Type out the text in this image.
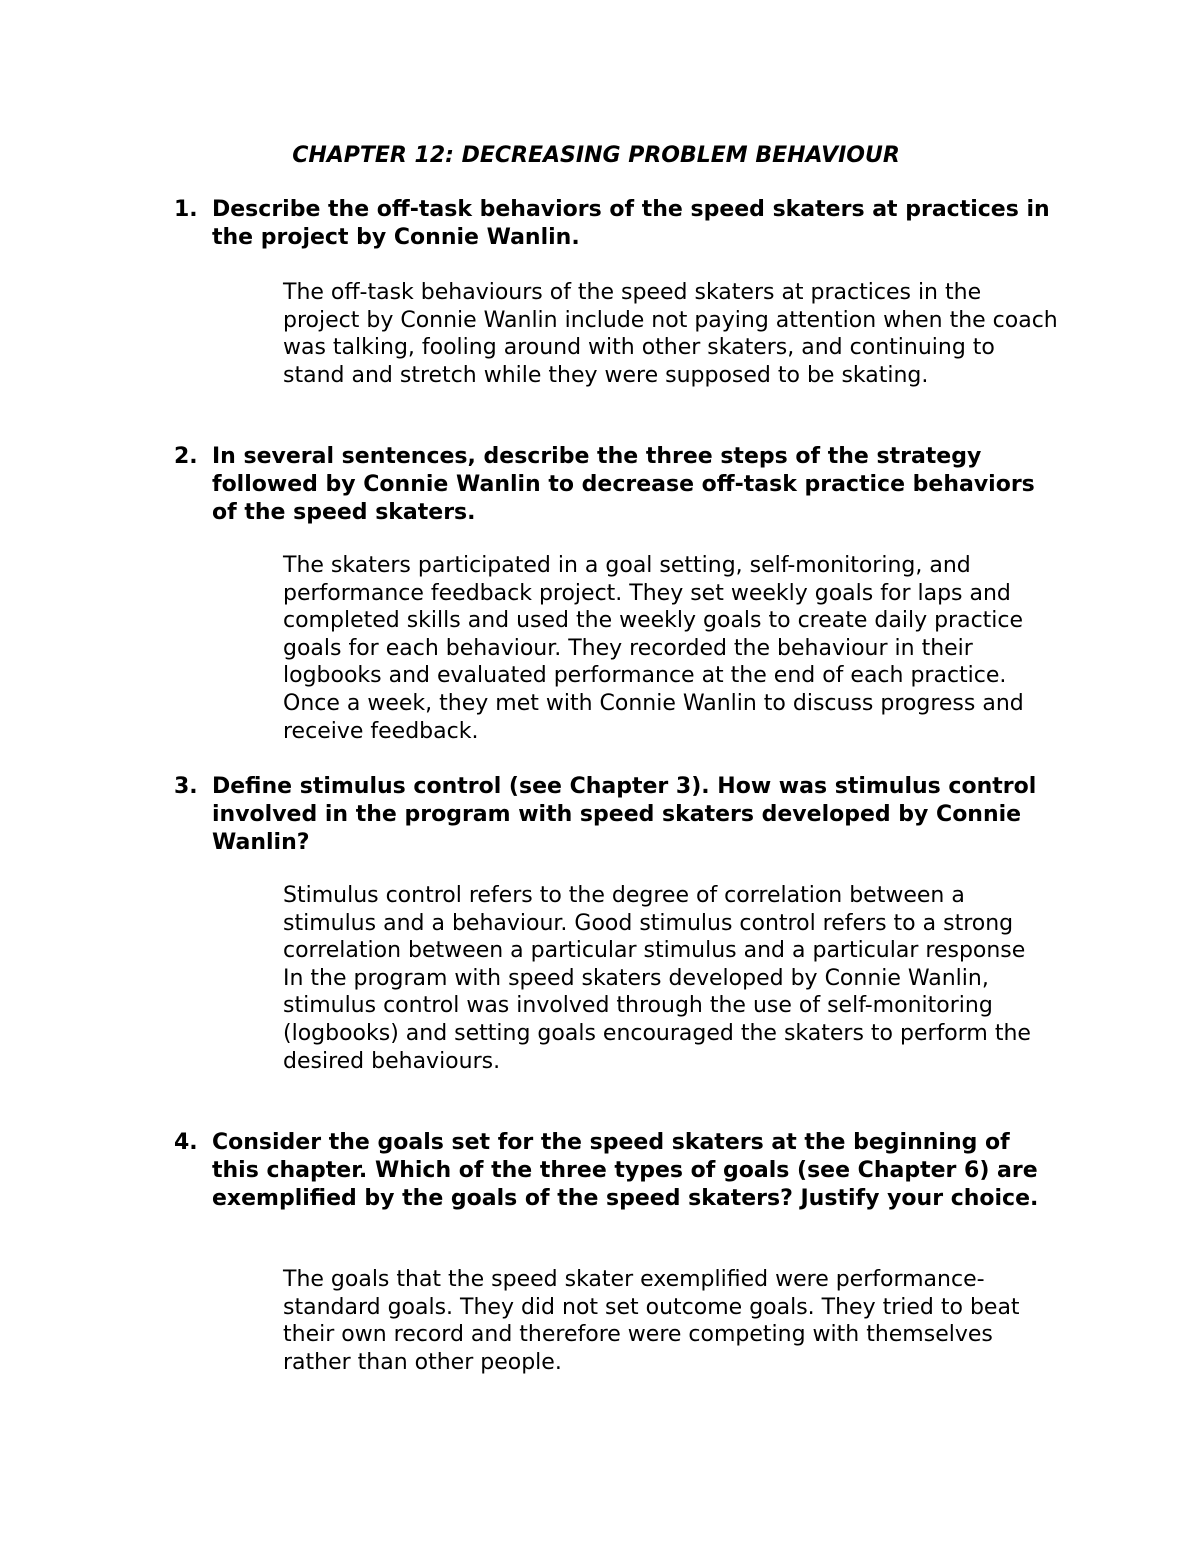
CHAPTER 12: DECREASING PROBLEM BEHAVIOUR
1. Describe the off-task behaviors of the speed skaters at practices in the project by Connie Wanlin.

The off-task behaviours of the speed skaters at practices in the project by Connie Wanlin include not paying attention when the coach was talking, fooling around with other skaters, and continuing to stand and stretch while they were supposed to be skating.

2. In several sentences, describe the three steps of the strategy followed by Connie Wanlin to decrease off-task practice behaviors of the speed skaters.

The skaters participated in a goal setting, self-monitoring, and performance feedback project. They set weekly goals for laps and completed skills and used the weekly goals to create daily practice goals for each behaviour. They recorded the behaviour in their logbooks and evaluated performance at the end of each practice. Once a week, they met with Connie Wanlin to discuss progress and receive feedback.

3. Define stimulus control (see Chapter 3). How was stimulus control involved in the program with speed skaters developed by Connie Wanlin?

Stimulus control refers to the degree of correlation between a stimulus and a behaviour. Good stimulus control refers to a strong correlation between a particular stimulus and a particular response

In the program with speed skaters developed by Connie Wanlin, stimulus control was involved through the use of self-monitoring (logbooks) and setting goals encouraged the skaters to perform the desired behaviours.

4. Consider the goals set for the speed skaters at the beginning of this chapter. Which of the three types of goals (see Chapter 6) are exemplified by the goals of the speed skaters? Justify your choice.

The goals that the speed skater exemplified were performance-standard goals. They did not set outcome goals. They tried to beat their own record and therefore were competing with themselves rather than other people.
